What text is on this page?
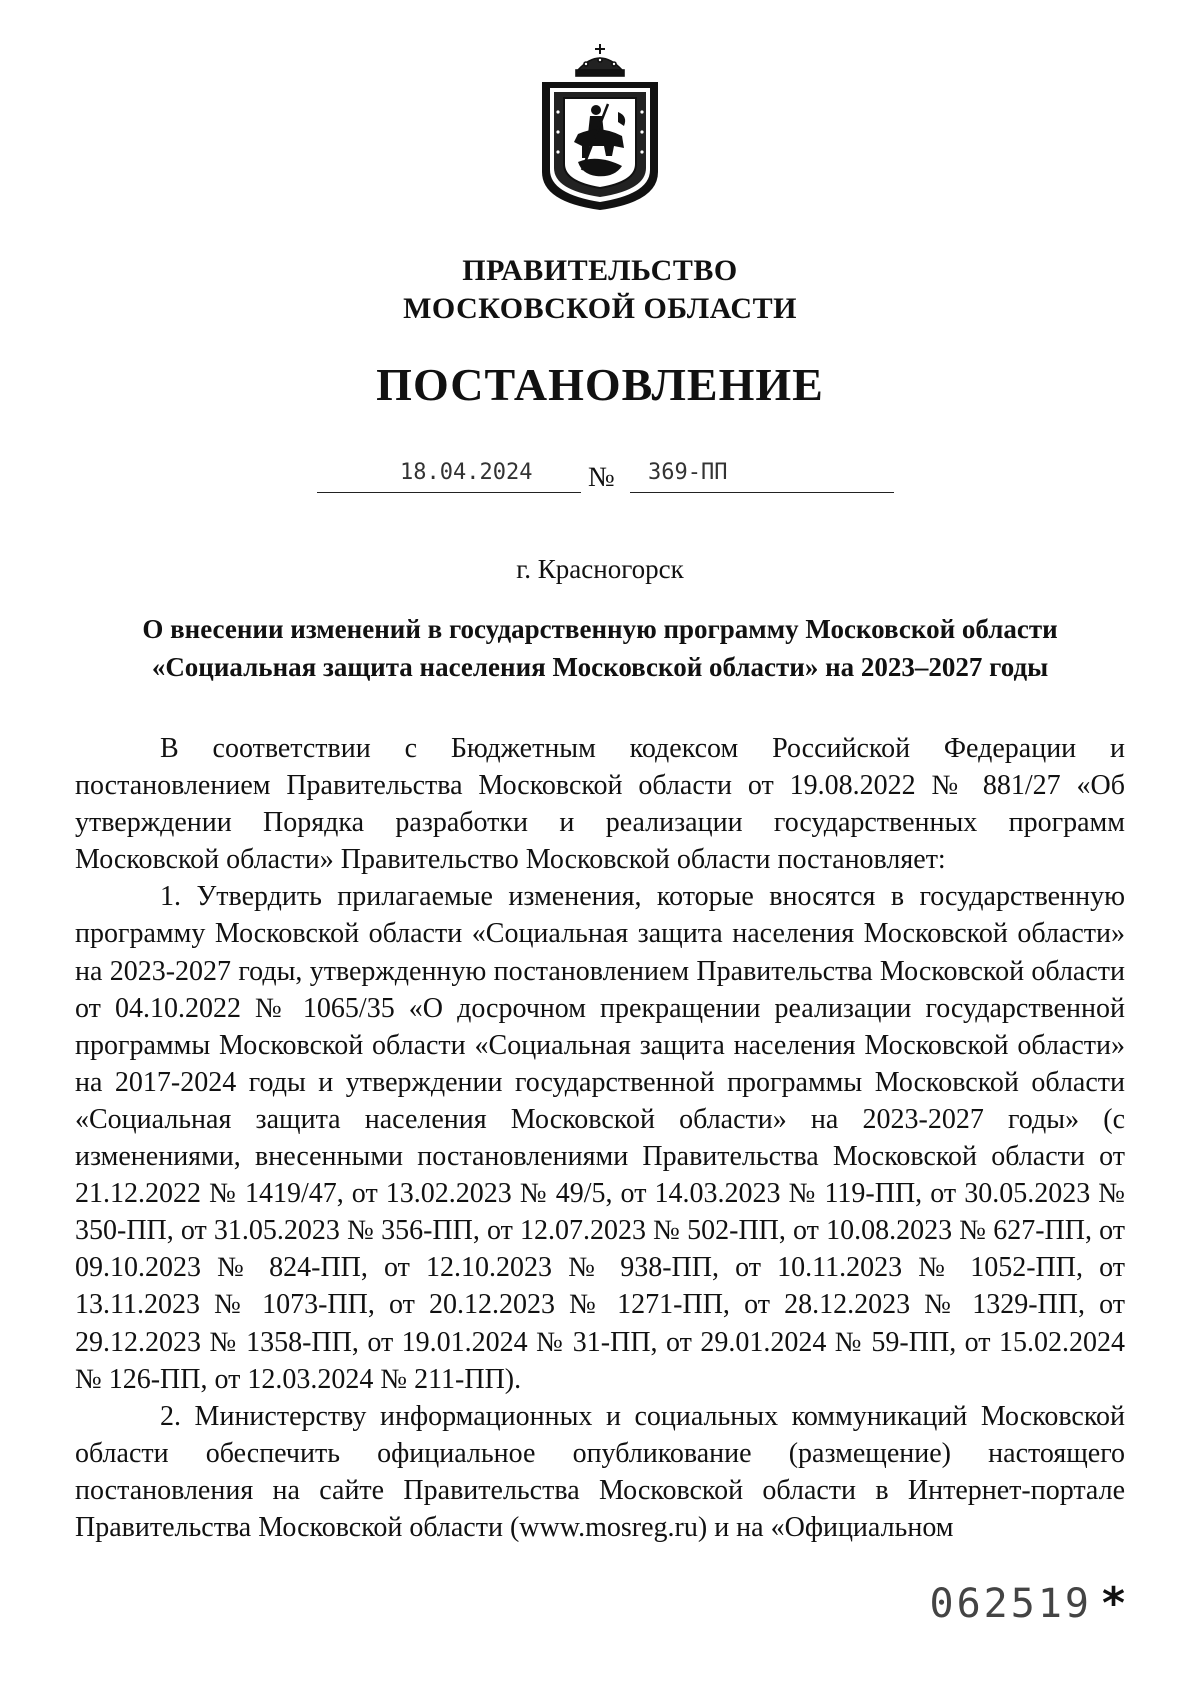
ПРАВИТЕЛЬСТВО
МОСКОВСКОЙ ОБЛАСТИ
ПОСТАНОВЛЕНИЕ
18.04.2024 № 369-ПП
г. Красногорск
О внесении изменений в государственную программу Московской области
«Социальная защита населения Московской области» на 2023–2027 годы

В соответствии с Бюджетным кодексом Российской Федерации и постановлением Правительства Московской области от 19.08.2022 № 881/27 «Об утверждении Порядка разработки и реализации государственных программ Московской области» Правительство Московской области постановляет:

1. Утвердить прилагаемые изменения, которые вносятся в государственную программу Московской области «Социальная защита населения Московской области» на 2023-2027 годы, утвержденную постановлением Правительства Московской области от 04.10.2022 № 1065/35 «О досрочном прекращении реализации государственной программы Московской области «Социальная защита населения Московской области» на 2017-2024 годы и утверждении государственной программы Московской области «Социальная защита населения Московской области» на 2023-2027 годы» (с изменениями, внесенными постановлениями Правительства Московской области от 21.12.2022 № 1419/47, от 13.02.2023 № 49/5, от 14.03.2023 № 119-ПП, от 30.05.2023 № 350-ПП, от 31.05.2023 № 356-ПП, от 12.07.2023 № 502-ПП, от 10.08.2023 № 627-ПП, от 09.10.2023 № 824-ПП, от 12.10.2023 № 938-ПП, от 10.11.2023 № 1052-ПП, от 13.11.2023 № 1073-ПП, от 20.12.2023 № 1271-ПП, от 28.12.2023 № 1329-ПП, от 29.12.2023 № 1358-ПП, от 19.01.2024 № 31-ПП, от 29.01.2024 № 59-ПП, от 15.02.2024 № 126-ПП, от 12.03.2024 № 211-ПП).

2. Министерству информационных и социальных коммуникаций Московской области обеспечить официальное опубликование (размещение) настоящего постановления на сайте Правительства Московской области в Интернет-портале Правительства Московской области (www.mosreg.ru) и на «Официальном

062519 *
